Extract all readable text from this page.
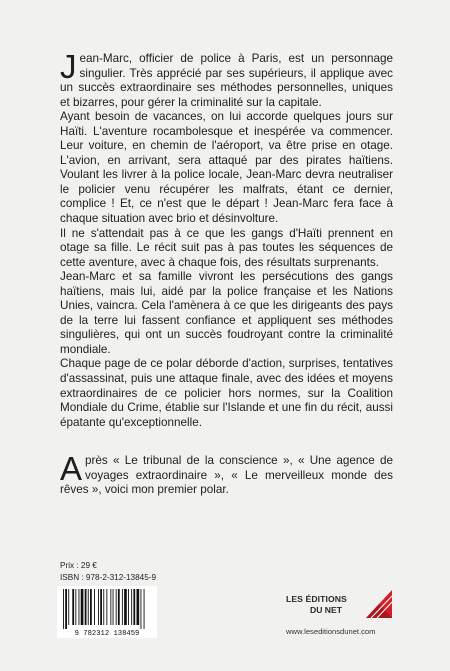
Jean-Marc, officier de police à Paris, est un personnage singulier. Très apprécié par ses supérieurs, il applique avec un succès extraordinaire ses méthodes personnelles, uniques et bizarres, pour gérer la criminalité sur la capitale.

Ayant besoin de vacances, on lui accorde quelques jours sur Haïti. L'aventure rocambolesque et inespérée va commencer. Leur voiture, en chemin de l'aéroport, va être prise en otage. L'avion, en arrivant, sera attaqué par des pirates haïtiens. Voulant les livrer à la police locale, Jean-Marc devra neutraliser le policier venu récupérer les malfrats, étant ce dernier, complice ! Et, ce n'est que le départ ! Jean-Marc fera face à chaque situation avec brio et désinvolture.

Il ne s'attendait pas à ce que les gangs d'Haïti prennent en otage sa fille. Le récit suit pas à pas toutes les séquences de cette aventure, avec à chaque fois, des résultats surprenants.

Jean-Marc et sa famille vivront les persécutions des gangs haïtiens, mais lui, aidé par la police française et les Nations Unies, vaincra. Cela l'amènera à ce que les dirigeants des pays de la terre lui fassent confiance et appliquent ses méthodes singulières, qui ont un succès foudroyant contre la criminalité mondiale.

Chaque page de ce polar déborde d'action, surprises, tentatives d'assassinat, puis une attaque finale, avec des idées et moyens extraordinaires de ce policier hors normes, sur la Coalition Mondiale du Crime, établie sur l'Islande et une fin du récit, aussi épatante qu'exceptionnelle.

Après « Le tribunal de la conscience », « Une agence de voyages extraordinaire », « Le merveilleux monde des rêves », voici mon premier polar.

Prix : 29 €
ISBN : 978-2-312-13845-9
9 782312 138459
LES ÉDITIONS
DU NET
www.leseditionsdunet.com
